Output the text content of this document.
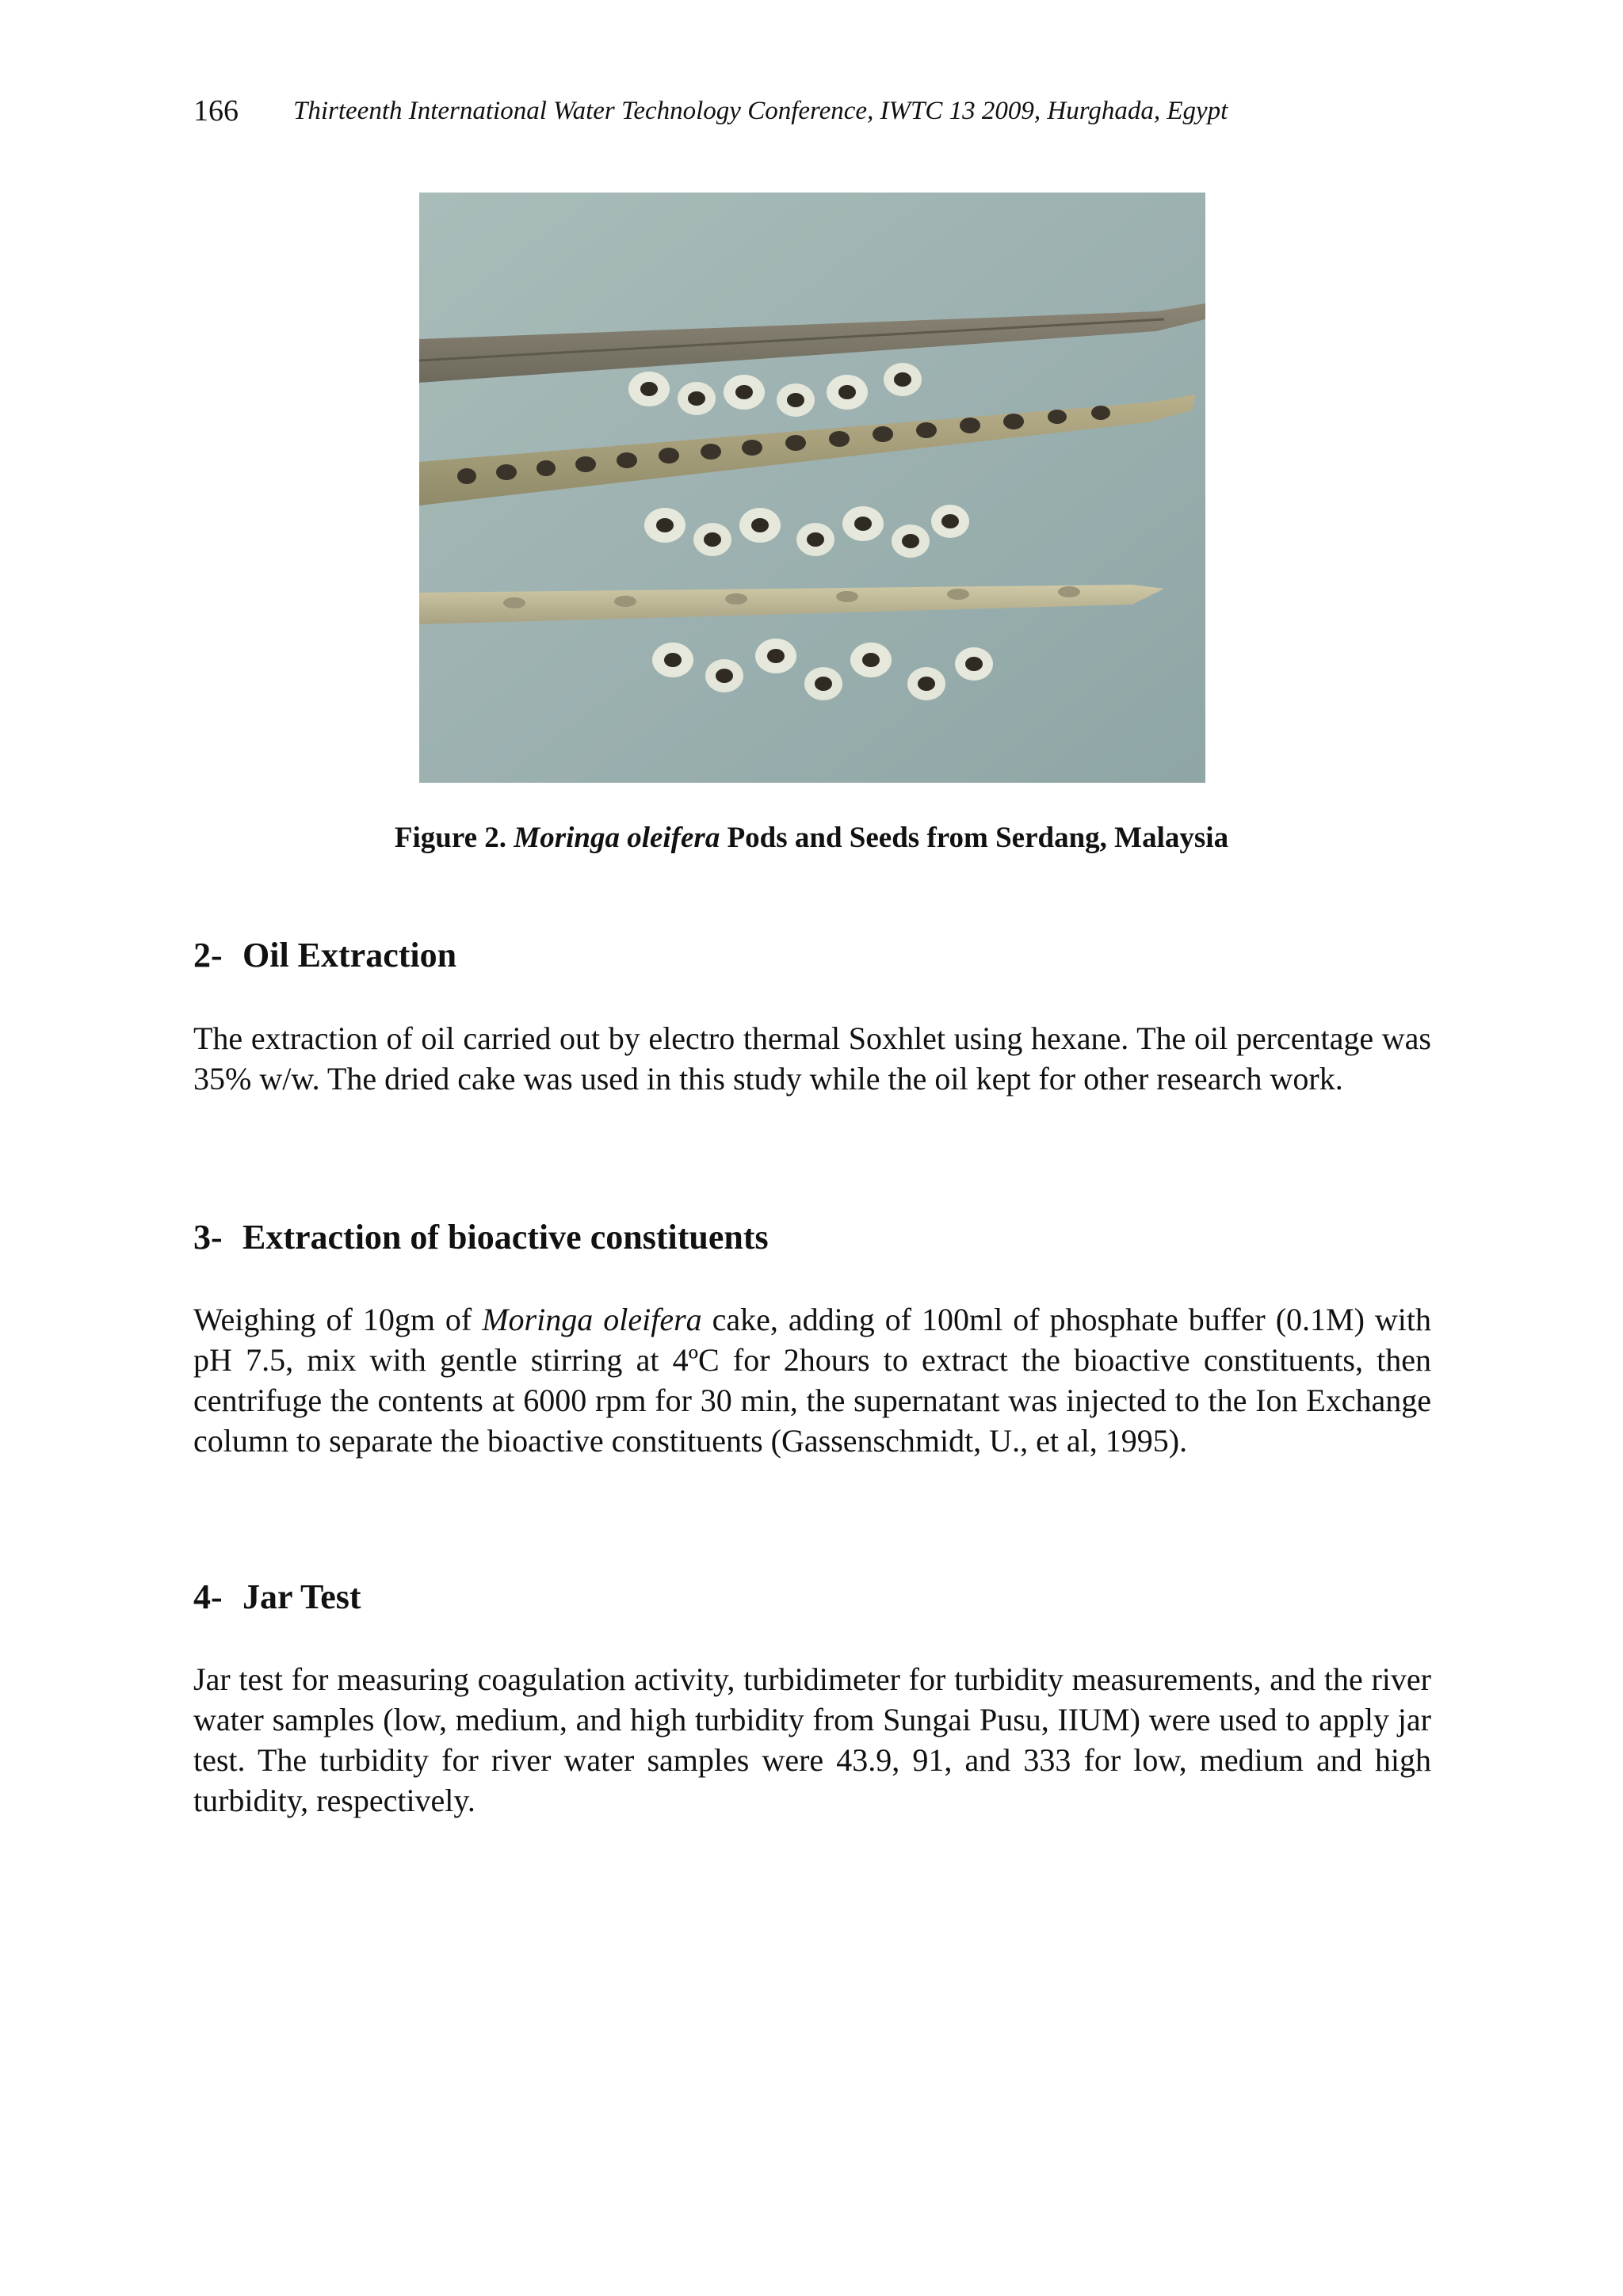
166 Thirteenth International Water Technology Conference, IWTC 13 2009, Hurghada, Egypt
Figure 2. Moringa oleifera Pods and Seeds from Serdang, Malaysia
2- Oil Extraction
The extraction of oil carried out by electro thermal Soxhlet using hexane. The oil percentage was 35% w/w. The dried cake was used in this study while the oil kept for other research work.
3- Extraction of bioactive constituents
Weighing of 10gm of Moringa oleifera cake, adding of 100ml of phosphate buffer (0.1M) with pH 7.5, mix with gentle stirring at 4ºC for 2hours to extract the bioactive constituents, then centrifuge the contents at 6000 rpm for 30 min, the supernatant was injected to the Ion Exchange column to separate the bioactive constituents (Gassenschmidt, U., et al, 1995).
4- Jar Test
Jar test for measuring coagulation activity, turbidimeter for turbidity measurements, and the river water samples (low, medium, and high turbidity from Sungai Pusu, IIUM) were used to apply jar test. The turbidity for river water samples were 43.9, 91, and 333 for low, medium and high turbidity, respectively.
